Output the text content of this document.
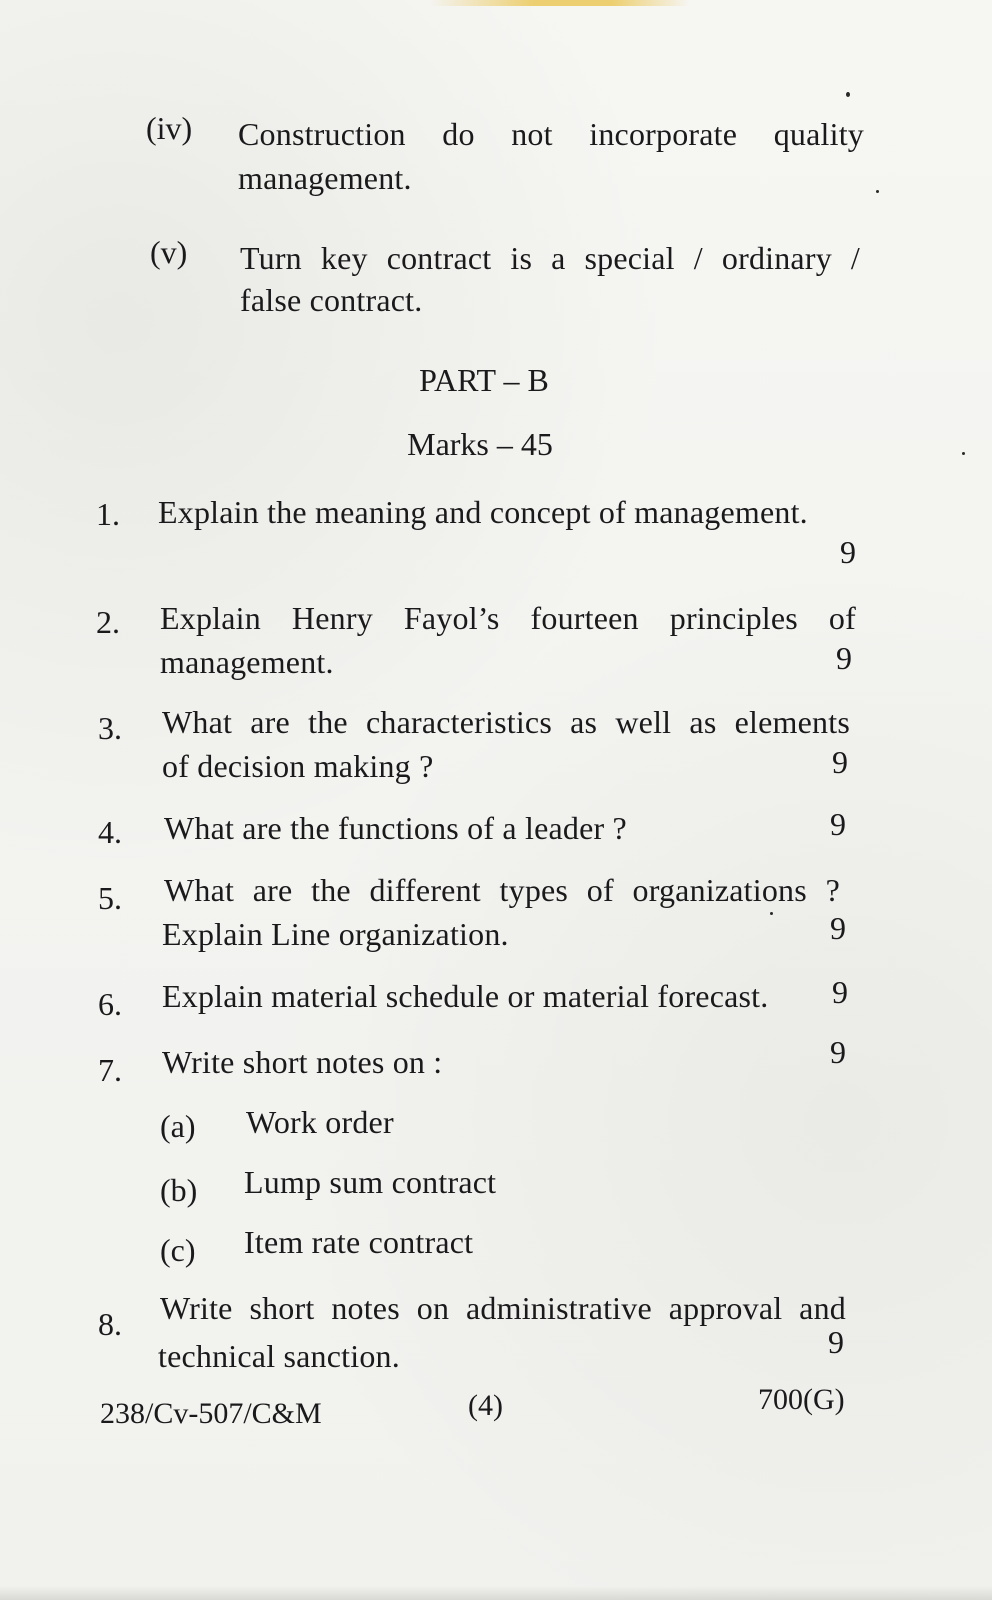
(iv) Construction do not incorporate quality
management.
(v) Turn key contract is a special / ordinary /
false contract.
PART – B
Marks – 45
1. Explain the meaning and concept of management.
9
2. Explain Henry Fayol’s fourteen principles of
management.	9
3. What are the characteristics as well as elements
of decision making ?	9
4. What are the functions of a leader ?	9
5. What are the different types of organizations ?
Explain Line organization.	9
6. Explain material schedule or material forecast.	9
7. Write short notes on :	9
(a) Work order
(b) Lump sum contract
(c) Item rate contract
8. Write short notes on administrative approval and
technical sanction.	9
238/Cv-507/C&M	(4)	700(G)
